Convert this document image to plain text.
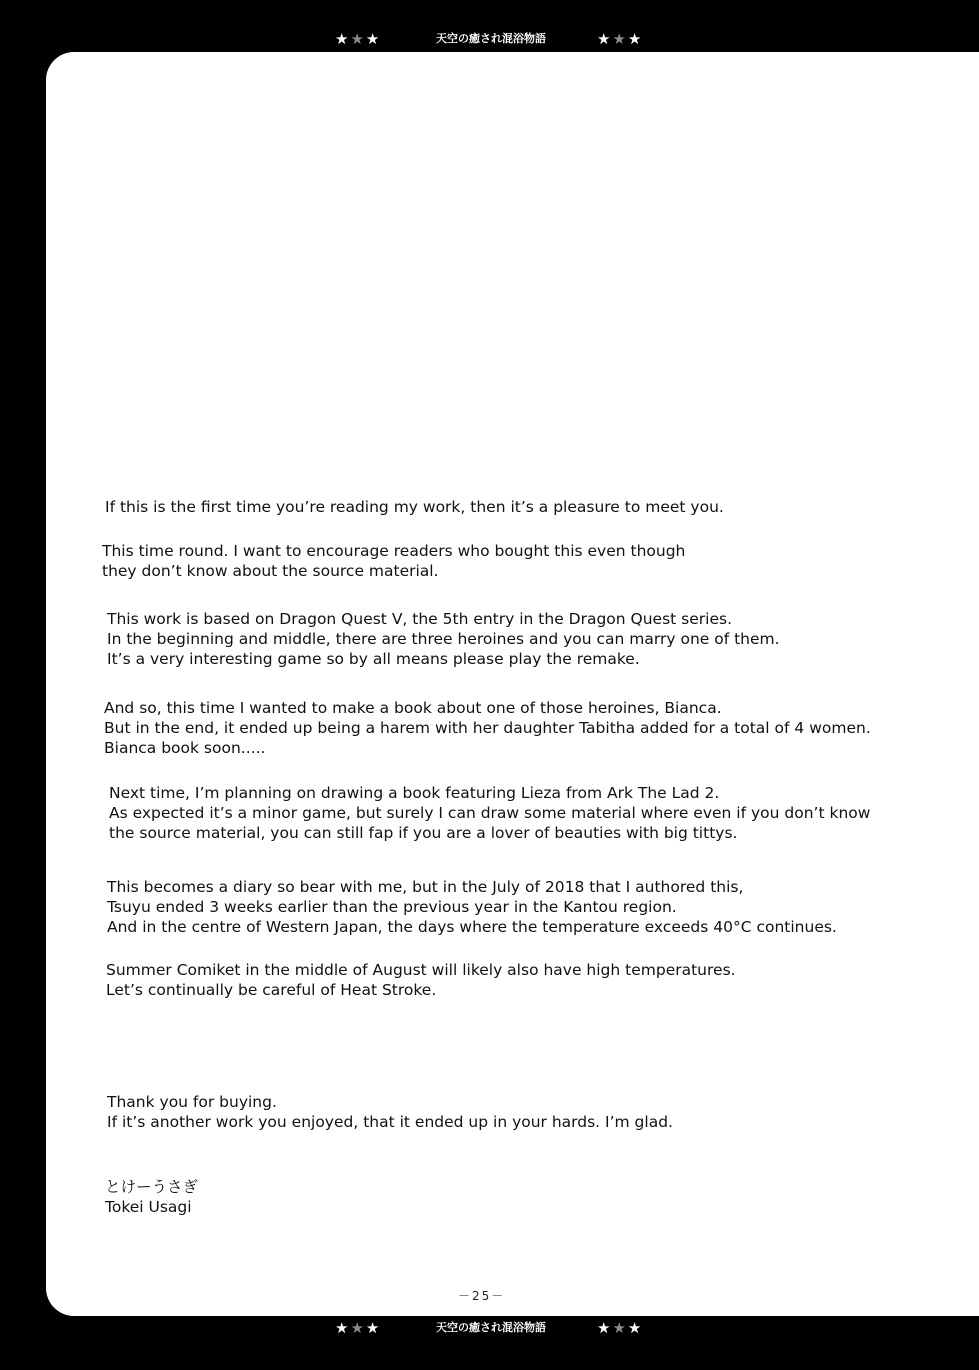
★★★	天空の癒され混浴物語	★★★
If this is the first time you’re reading my work, then it’s a pleasure to meet you.
This time round. I want to encourage readers who bought this even though
they don’t know about the source material.
This work is based on Dragon Quest V, the 5th entry in the Dragon Quest series.
In the beginning and middle, there are three heroines and you can marry one of them.
It’s a very interesting game so by all means please play the remake.
And so, this time I wanted to make a book about one of those heroines, Bianca.
But in the end, it ended up being a harem with her daughter Tabitha added for a total of 4 women.
Bianca book soon.....
Next time, I’m planning on drawing a book featuring Lieza from Ark The Lad 2.
As expected it’s a minor game, but surely I can draw some material where even if you don’t know
the source material, you can still fap if you are a lover of beauties with big tittys.
This becomes a diary so bear with me, but in the July of 2018 that I authored this,
Tsuyu ended 3 weeks earlier than the previous year in the Kantou region.
And in the centre of Western Japan, the days where the temperature exceeds 40°C continues.
Summer Comiket in the middle of August will likely also have high temperatures.
Let’s continually be careful of Heat Stroke.
Thank you for buying.
If it’s another work you enjoyed, that it ended up in your hards. I’m glad.
とけーうさぎ
Tokei Usagi
－25－
★★★	天空の癒され混浴物語	★★★
